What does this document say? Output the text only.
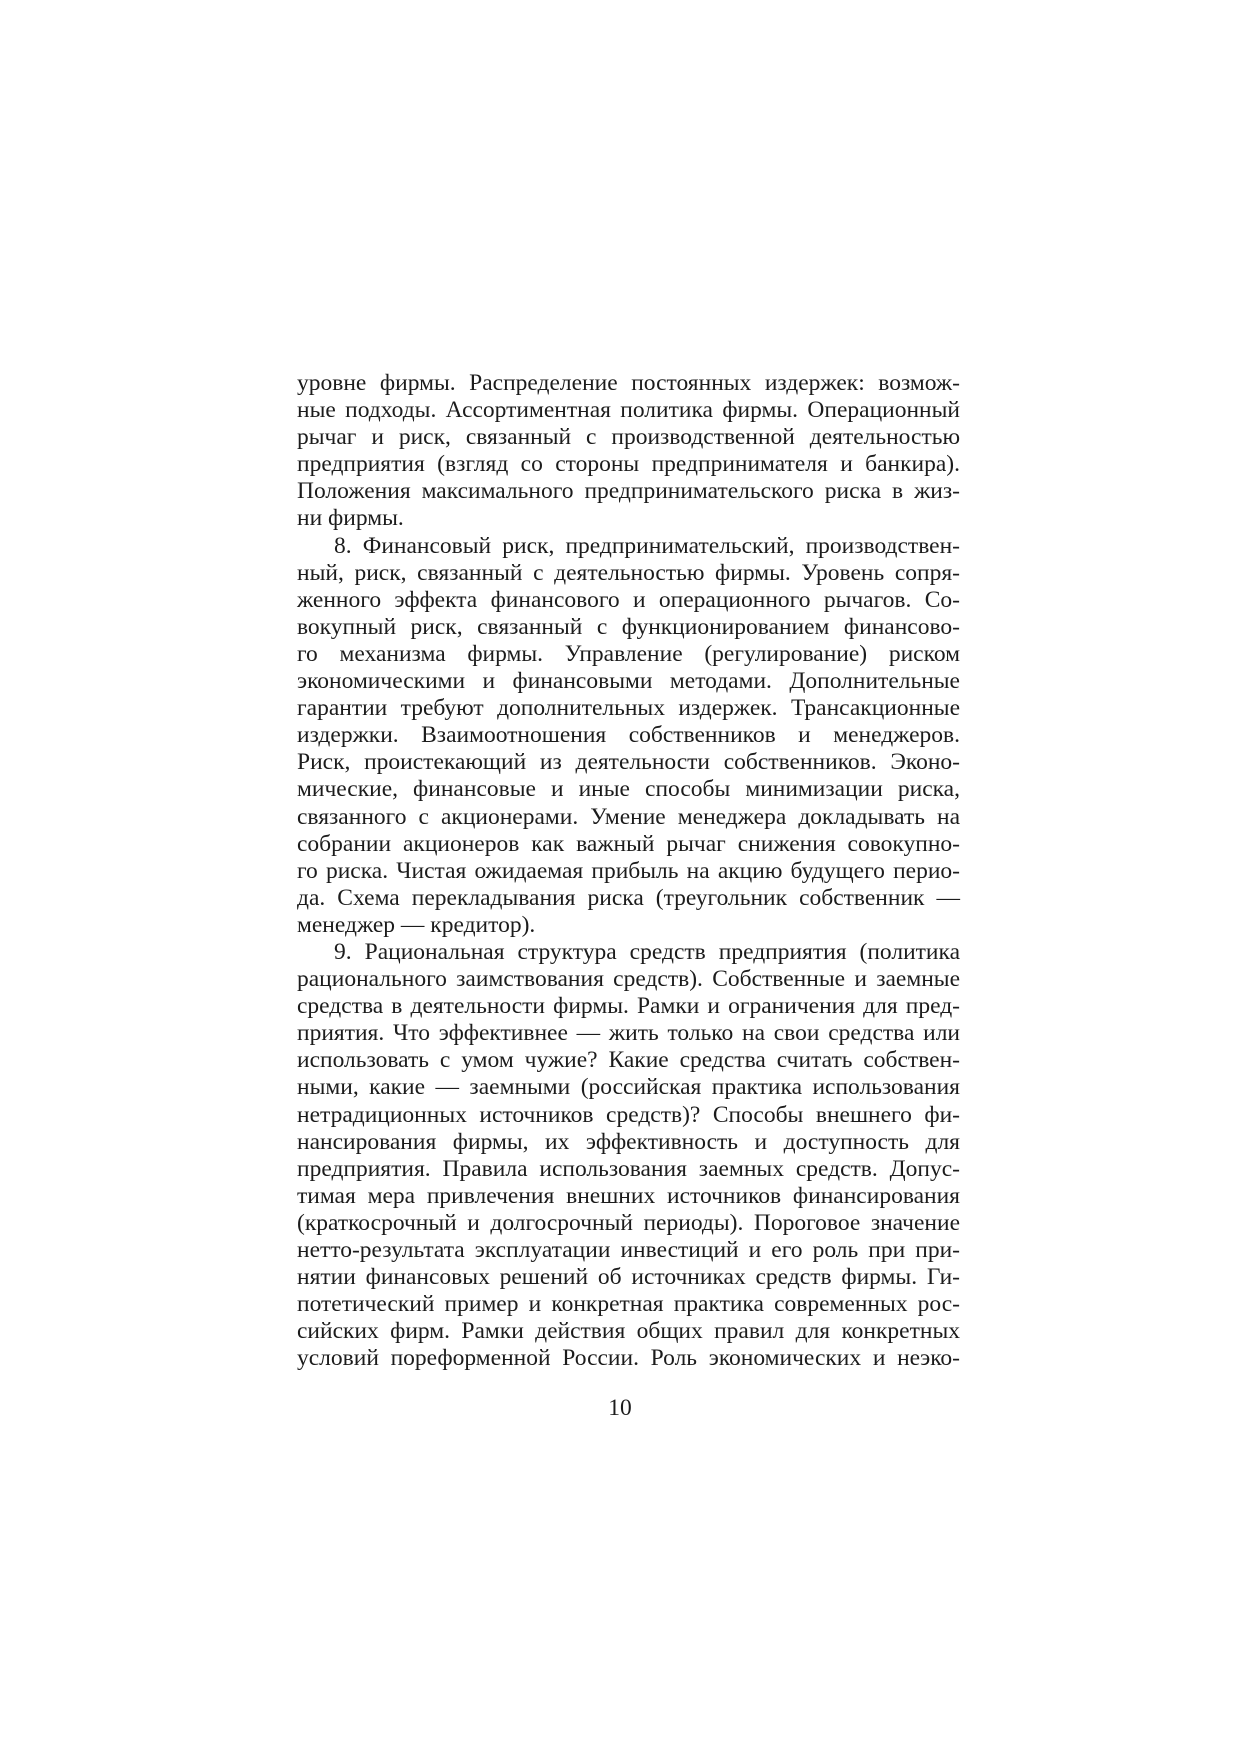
уровне фирмы. Распределение постоянных издержек: возмож-
ные подходы. Ассортиментная политика фирмы. Операционный
рычаг и риск, связанный с производственной деятельностью
предприятия (взгляд со стороны предпринимателя и банкира).
Положения максимального предпринимательского риска в жиз-
ни фирмы.
8. Финансовый риск, предпринимательский, производствен-
ный, риск, связанный с деятельностью фирмы. Уровень сопря-
женного эффекта финансового и операционного рычагов. Со-
вокупный риск, связанный с функционированием финансово-
го механизма фирмы. Управление (регулирование) риском
экономическими и финансовыми методами. Дополнительные
гарантии требуют дополнительных издержек. Трансакционные
издержки. Взаимоотношения собственников и менеджеров.
Риск, проистекающий из деятельности собственников. Эконо-
мические, финансовые и иные способы минимизации риска,
связанного с акционерами. Умение менеджера докладывать на
собрании акционеров как важный рычаг снижения совокупно-
го риска. Чистая ожидаемая прибыль на акцию будущего перио-
да. Схема перекладывания риска (треугольник собственник —
менеджер — кредитор).
9. Рациональная структура средств предприятия (политика
рационального заимствования средств). Собственные и заемные
средства в деятельности фирмы. Рамки и ограничения для пред-
приятия. Что эффективнее — жить только на свои средства или
использовать с умом чужие? Какие средства считать собствен-
ными, какие — заемными (российская практика использования
нетрадиционных источников средств)? Способы внешнего фи-
нансирования фирмы, их эффективность и доступность для
предприятия. Правила использования заемных средств. Допус-
тимая мера привлечения внешних источников финансирования
(краткосрочный и долгосрочный периоды). Пороговое значение
нетто-результата эксплуатации инвестиций и его роль при при-
нятии финансовых решений об источниках средств фирмы. Ги-
потетический пример и конкретная практика современных рос-
сийских фирм. Рамки действия общих правил для конкретных
условий пореформенной России. Роль экономических и неэко-
10
